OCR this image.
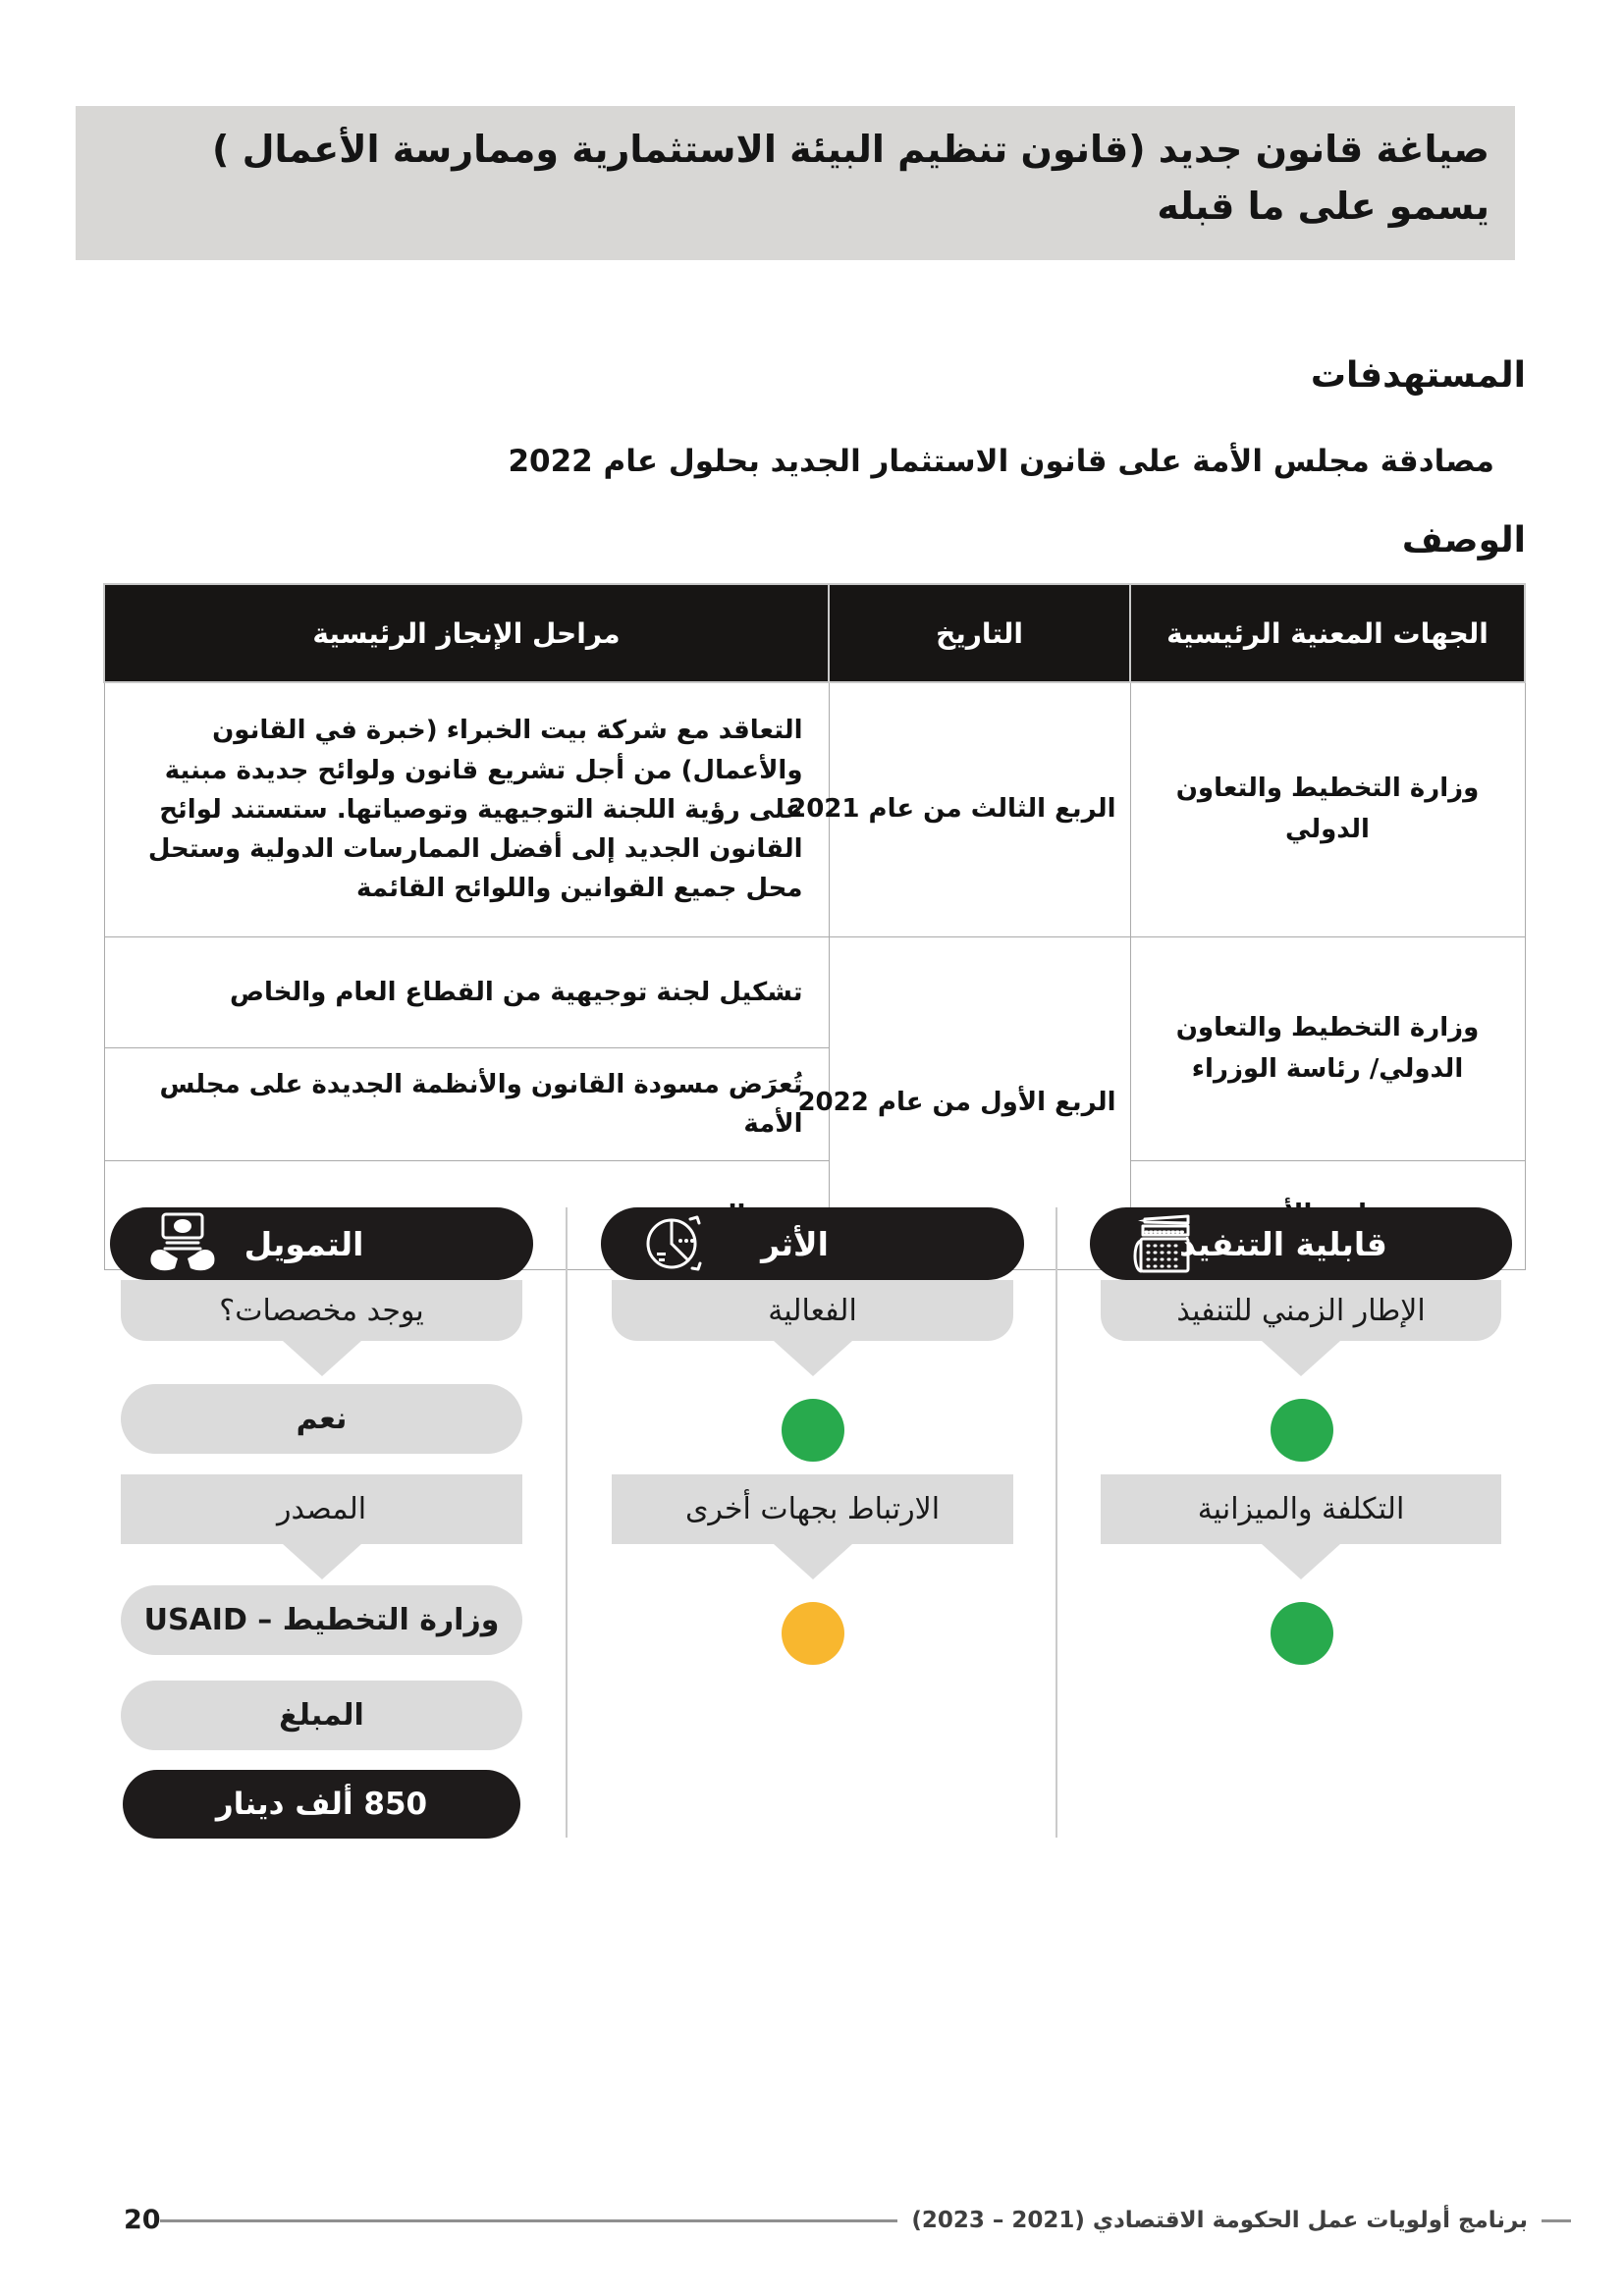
صياغة قانون جديد (قانون تنظيم البيئة الاستثمارية وممارسة الأعمال )
يسمو على ما قبله
المستهدفات
مصادقة مجلس الأمة على قانون الاستثمار الجديد بحلول عام 2022
الوصف
الجهات المعنية الرئيسية	التاريخ	مراحل الإنجاز الرئيسية
وزارة التخطيط والتعاون الدولي	الربع الثالث من عام 2021	التعاقد مع شركة بيت الخبراء (خبرة في القانون والأعمال) من أجل تشريع قانون ولوائح جديدة مبنية على رؤية اللجنة التوجيهية وتوصياتها. ستستند لوائح القانون الجديد إلى أفضل الممارسات الدولية وستحل محل جميع القوانين واللوائح القائمة
وزارة التخطيط والتعاون الدولي/ رئاسة الوزراء	الربع الأول من عام 2022	تشكيل لجنة توجيهية من القطاع العام والخاص
		تُعرَض مسودة القانون والأنظمة الجديدة على مجلس الأمة

التمويل
يوجد مخصصات؟
نعم
المصدر
وزارة التخطيط – USAID
المبلغ
850 ألف دينار
الأثر
الفعالية
الارتباط بجهات أخرى
قابلية التنفيذ
الإطار الزمني للتنفيذ
التكلفة والميزانية
برنامج أولويات عمل الحكومة الاقتصادي (2021 – 2023)
20
